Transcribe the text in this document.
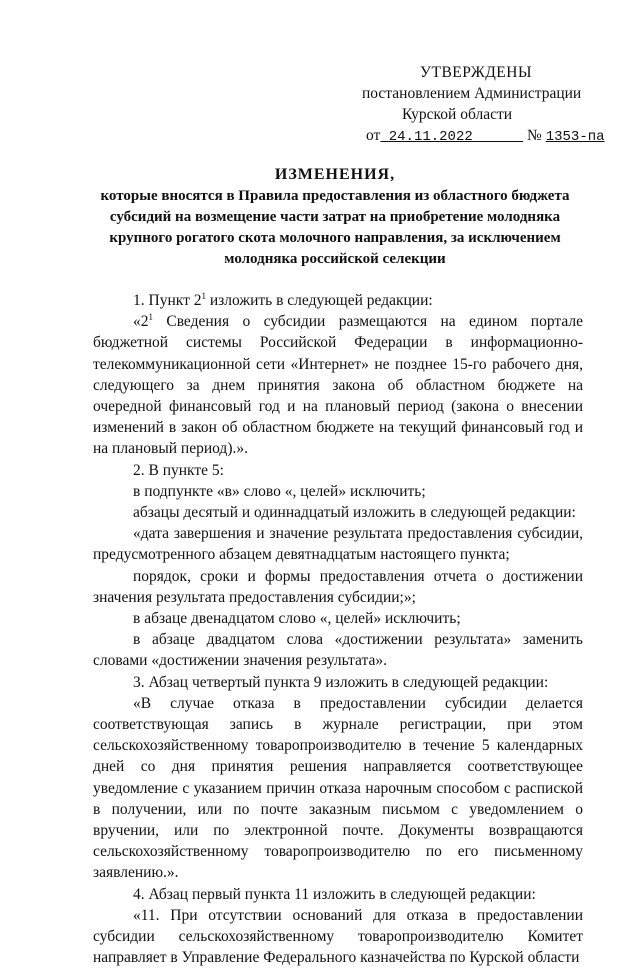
УТВЕРЖДЕНЫ
постановлением Администрации
Курской области
от 24.11.2022	№ 1353-па
ИЗМЕНЕНИЯ,
которые вносятся в Правила предоставления из областного бюджета субсидий на возмещение части затрат на приобретение молодняка крупного рогатого скота молочного направления, за исключением молодняка российской селекции

1. Пункт $2^1$ изложить в следующей редакции:

«$2^1$ Сведения о субсидии размещаются на едином портале бюджетной системы Российской Федерации в информационно-телекоммуникационной сети «Интернет» не позднее 15-го рабочего дня, следующего за днем принятия закона об областном бюджете на очередной финансовый год и на плановый период (закона о внесении изменений в закон об областном бюджете на текущий финансовый год и на плановый период).».

2. В пункте 5:

в подпункте «в» слово «, целей» исключить;

абзацы десятый и одиннадцатый изложить в следующей редакции:

«дата завершения и значение результата предоставления субсидии, предусмотренного абзацем девятнадцатым настоящего пункта;

порядок, сроки и формы предоставления отчета о достижении значения результата предоставления субсидии;»;

в абзаце двенадцатом слово «, целей» исключить;

в абзаце двадцатом слова «достижении результата» заменить словами «достижении значения результата».

3. Абзац четвертый пункта 9 изложить в следующей редакции:

«В случае отказа в предоставлении субсидии делается соответствующая запись в журнале регистрации, при этом сельскохозяйственному товаропроизводителю в течение 5 календарных дней со дня принятия решения направляется соответствующее уведомление с указанием причин отказа нарочным способом с распиской в получении, или по почте заказным письмом с уведомлением о вручении, или по электронной почте. Документы возвращаются сельскохозяйственному товаропроизводителю по его письменному заявлению.».

4. Абзац первый пункта 11 изложить в следующей редакции:

«11. При отсутствии оснований для отказа в предоставлении субсидии сельскохозяйственному товаропроизводителю Комитет направляет в Управление Федерального казначейства по Курской области
